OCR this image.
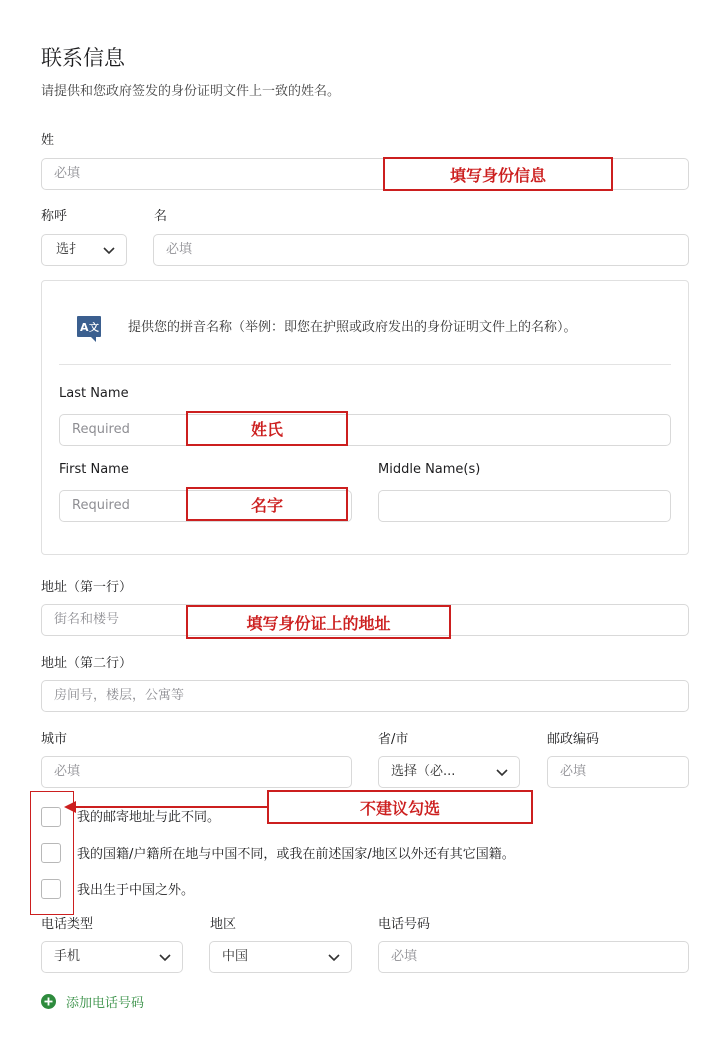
联系信息
请提供和您政府签发的身份证明文件上一致的姓名。
姓
必填
称呼	名
选扌	必填
A 文 提供您的拼音名称（举例：即您在护照或政府发出的身份证明文件上的名称）。
Last Name
Required
First Name	Middle Name(s)
Required
地址（第一行）
街名和楼号
地址（第二行）
房间号，楼层，公寓等
城市	省/市	邮政编码
必填	选择（必...	必填
我的邮寄地址与此不同。
我的国籍/户籍所在地与中国不同，或我在前述国家/地区以外还有其它国籍。
我出生于中国之外。
电话类型	地区	电话号码
手机	中国	必填
添加电话号码
填写身份信息
姓氏
名字
填写身份证上的地址
不建议勾选
